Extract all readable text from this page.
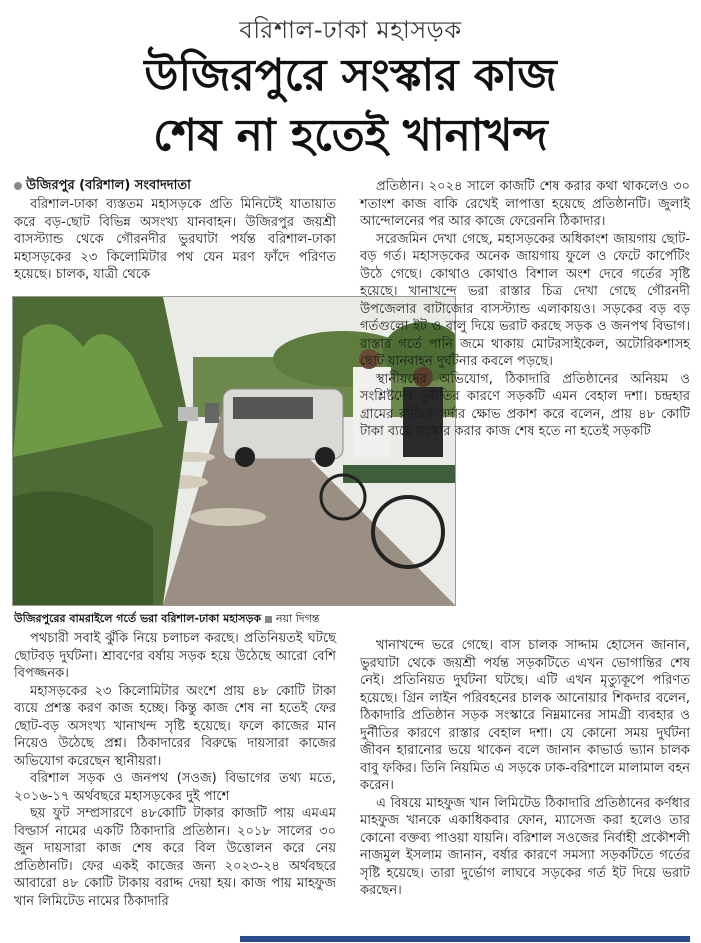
বরিশাল-ঢাকা মহাসড়ক
উজিরপুরে সংস্কার কাজ
শেষ না হতেই খানাখন্দ
উজিরপুর (বরিশাল) সংবাদদাতা

বরিশাল-ঢাকা ব্যস্ততম মহাসড়কে প্রতি মিনিটেই যাতায়াত করে বড়-ছোট বিভিন্ন অসংখ্য যানবাহন। উজিরপুর জয়শ্রী বাসস্ট্যান্ড থেকে গৌরনদীর ভুরঘাটা পর্যন্ত বরিশাল-ঢাকা মহাসড়কের ২৩ কিলোমিটার পথ যেন মরণ ফাঁদে পরিণত হয়েছে। চালক, যাত্রী থেকে

উজিরপুরের বামরাইলে গর্তে ভরা বরিশাল-ঢাকা মহাসড়ক নয়া দিগন্ত

পথচারী সবাই ঝুঁকি নিয়ে চলাচল করছে। প্রতিনিয়তই ঘটছে ছোটবড় দুর্ঘটনা। শ্রাবণের বর্ষায় সড়ক হয়ে উঠেছে আরো বেশি বিপজ্জনক।

মহাসড়কের ২৩ কিলোমিটার অংশে প্রায় ৪৮ কোটি টাকা ব্যয়ে প্রশস্ত করণ কাজ হচ্ছে। কিন্তু কাজ শেষ না হতেই ফের ছোট-বড় অসংখ্য খানাখন্দ সৃষ্টি হয়েছে। ফলে কাজের মান নিয়েও উঠেছে প্রশ্ন। ঠিকাদারের বিরুদ্ধে দায়সারা কাজের অভিযোগ করেছেন স্থানীয়রা।

বরিশাল সড়ক ও জনপথ (সওজ) বিভাগের তথ্য মতে, ২০১৬-১৭ অর্থবছরে মহাসড়কের দুই পাশে

ছয় ফুট সম্প্রসারণে ৪৮কোটি টাকার কাজটি পায় এমএম বিল্ডার্স নামের একটি ঠিকাদারি প্রতিষ্ঠান। ২০১৮ সালের ৩০ জুন দায়সারা কাজ শেষ করে বিল উত্তোলন করে নেয় প্রতিষ্ঠানটি। ফের একই কাজের জন্য ২০২৩-২৪ অর্থবছরে আবারো ৪৮ কোটি টাকায় বরাদ্দ দেয়া হয়। কাজ পায় মাহফুজ খান লিমিটেড নামের ঠিকাদারি

প্রতিষ্ঠান। ২০২৪ সালে কাজটি শেষ করার কথা থাকলেও ৩০ শতাংশ কাজ বাকি রেখেই লাপাত্তা হয়েছে প্রতিষ্ঠানটি। জুলাই আন্দোলনের পর আর কাজে ফেরেননি ঠিকাদার।

সরেজমিন দেখা গেছে, মহাসড়কের অধিকাংশ জায়গায় ছোট-বড় গর্ত। মহাসড়কের অনেক জায়গায় ফুলে ও ফেটে কার্পেটিং উঠে গেছে। কোথাও কোথাও বিশাল অংশ দেবে গর্তের সৃষ্টি হয়েছে। খানাখন্দে ভরা রাস্তার চিত্র দেখা গেছে গৌরনদী উপজেলার বাটাজোর বাসস্ট্যান্ড এলাকায়ও। সড়কের বড় বড় গর্তগুলো ইট ও বালু দিয়ে ভরাট করছে সড়ক ও জনপথ বিভাগ। রাস্তার গর্তে পানি জমে থাকায় মোটরসাইকেল, অটোরিকশাসহ ছোট যানবাহন দুর্ঘটনার কবলে পড়ছে।

স্থানীয়দের অভিযোগ, ঠিকাদারি প্রতিষ্ঠানের অনিয়ম ও সংশ্লিষ্টদের দুর্নীতির কারণে সড়কটি এমন বেহাল দশা। চন্দ্রহার গ্রামের রাজিব সর্দার ক্ষোভ প্রকাশ করে বলেন, প্রায় ৪৮ কোটি টাকা ব্যয়ে সংস্কার করার কাজ শেষ হতে না হতেই সড়কটি

খানাখন্দে ভরে গেছে। বাস চালক সাদ্দাম হোসেন জানান, ভুরঘাটা থেকে জয়শ্রী পর্যন্ত সড়কটিতে এখন ভোগান্তির শেষ নেই। প্রতিনিয়ত দুর্ঘটনা ঘটছে। এটি এখন মৃত্যুকূপে পরিণত হয়েছে। গ্রিন লাইন পরিবহনের চালক আনোয়ার শিকদার বলেন, ঠিকাদারি প্রতিষ্ঠান সড়ক সংস্কারে নিম্নমানের সামগ্রী ব্যবহার ও দুর্নীতির কারণে রাস্তার বেহাল দশা। যে কোনো সময় দুর্ঘটনা জীবন হারানোর ভয়ে থাকেন বলে জানান কাভার্ড ভ্যান চালক বাবু ফকির। তিনি নিয়মিত এ সড়কে ঢাক-বরিশালে মালামাল বহন করেন।

এ বিষয়ে মাহফুজ খান লিমিটেড ঠিকাদারি প্রতিষ্ঠানের কর্ণধার মাহফুজ খানকে একাধিকবার ফোন, ম্যাসেজ করা হলেও তার কোনো বক্তব্য পাওয়া যায়নি। বরিশাল সওজের নির্বাহী প্রকৌশলী নাজমুল ইসলাম জানান, বর্ষার কারণে সমস্যা সড়কটিতে গর্তের সৃষ্টি হয়েছে। তারা দুর্ভোগ লাঘবে সড়কের গর্ত ইট দিয়ে ভরাট করছেন।
